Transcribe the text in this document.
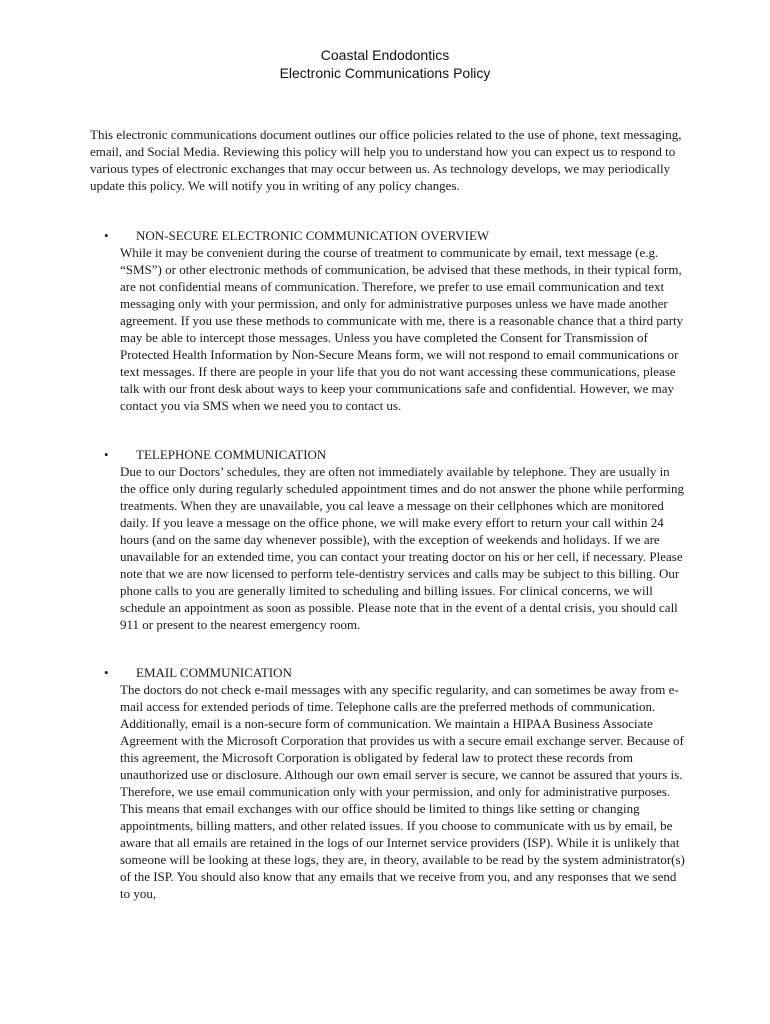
Coastal Endodontics
Electronic Communications Policy
This electronic communications document outlines our office policies related to the use of phone, text messaging, email, and Social Media. Reviewing this policy will help you to understand how you can expect us to respond to various types of electronic exchanges that may occur between us. As technology develops, we may periodically update this policy. We will notify you in writing of any policy changes.
•	NON-SECURE ELECTRONIC COMMUNICATION OVERVIEW
While it may be convenient during the course of treatment to communicate by email, text message (e.g. “SMS”) or other electronic methods of communication, be advised that these methods, in their typical form, are not confidential means of communication. Therefore, we prefer to use email communication and text messaging only with your permission, and only for administrative purposes unless we have made another agreement. If you use these methods to communicate with me, there is a reasonable chance that a third party may be able to intercept those messages. Unless you have completed the Consent for Transmission of Protected Health Information by Non-Secure Means form, we will not respond to email communications or text messages. If there are people in your life that you do not want accessing these communications, please talk with our front desk about ways to keep your communications safe and confidential. However, we may contact you via SMS when we need you to contact us.
•	TELEPHONE COMMUNICATION
Due to our Doctors’ schedules, they are often not immediately available by telephone. They are usually in the office only during regularly scheduled appointment times and do not answer the phone while performing treatments. When they are unavailable, you cal leave a message on their cellphones which are monitored daily. If you leave a message on the office phone, we will make every effort to return your call within 24 hours (and on the same day whenever possible), with the exception of weekends and holidays. If we are unavailable for an extended time, you can contact your treating doctor on his or her cell, if necessary. Please note that we are now licensed to perform tele-dentistry services and calls may be subject to this billing. Our phone calls to you are generally limited to scheduling and billing issues. For clinical concerns, we will schedule an appointment as soon as possible. Please note that in the event of a dental crisis, you should call 911 or present to the nearest emergency room.
•	EMAIL COMMUNICATION
The doctors do not check e-mail messages with any specific regularity, and can sometimes be away from e-mail access for extended periods of time. Telephone calls are the preferred methods of communication. Additionally, email is a non-secure form of communication. We maintain a HIPAA Business Associate Agreement with the Microsoft Corporation that provides us with a secure email exchange server. Because of this agreement, the Microsoft Corporation is obligated by federal law to protect these records from unauthorized use or disclosure. Although our own email server is secure, we cannot be assured that yours is. Therefore, we use email communication only with your permission, and only for administrative purposes. This means that email exchanges with our office should be limited to things like setting or changing appointments, billing matters, and other related issues. If you choose to communicate with us by email, be aware that all emails are retained in the logs of our Internet service providers (ISP). While it is unlikely that someone will be looking at these logs, they are, in theory, available to be read by the system administrator(s) of the ISP. You should also know that any emails that we receive from you, and any responses that we send to you,
